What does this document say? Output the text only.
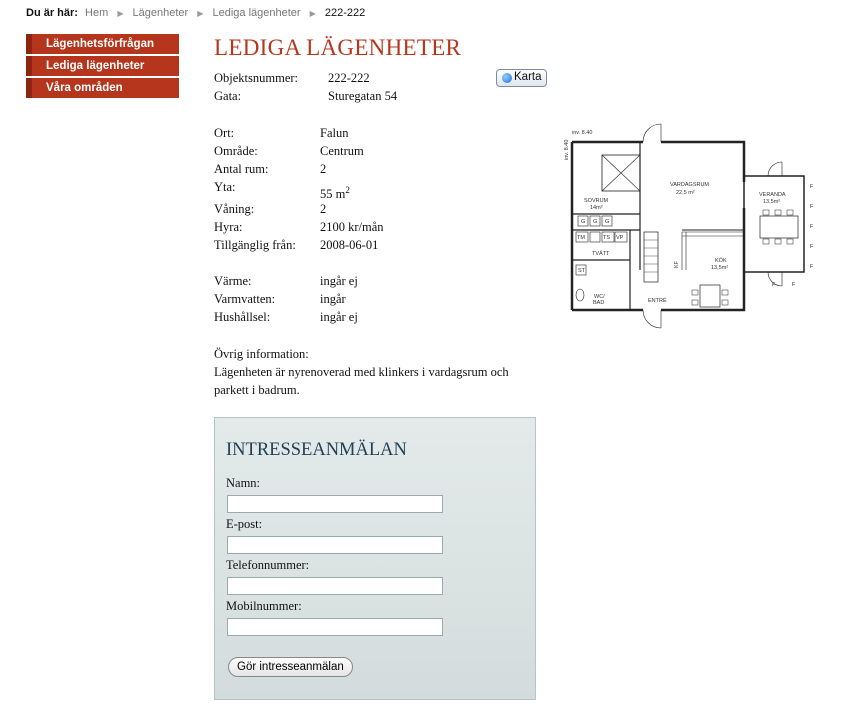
Du är här: Hem ▶ Lägenheter ▶ Lediga lägenheter ▶ 222-222
Lägenhetsförfrågan
Lediga lägenheter
Våra områden
LEDIGA LÄGENHETER
Objektsnummer: 222-222
Gata:	Sturegatan 54
Karta
Ort:	Falun
Område:	Centrum
Antal rum:	2
Yta:
55 $m^2$
Våning:	2
Hyra:	2100 kr/mån
Tillgänglig från: 2008-06-01
Värme:	ingår ej
Varmvatten:	ingår
Hushållsel:	ingår ej
inv. 8.40
inv. 8.40
SOVRUM
14m²
VARDAGSRUM
22,5 m²	VERANDA
13,5m²
TVÄTT
KÖK
13,5m²
ENTRÉ
WC/
BAD
ST
G G G
TM	TS VP
KF
F
F
F
F
F
F	F
Övrig information:
Lägenheten är nyrenoverad med klinkers i vardagsrum och parkett i badrum.
INTRESSEANMÄLAN
Namn:
E-post:
Telefonnummer:
Mobilnummer:
Gör intresseanmälan
